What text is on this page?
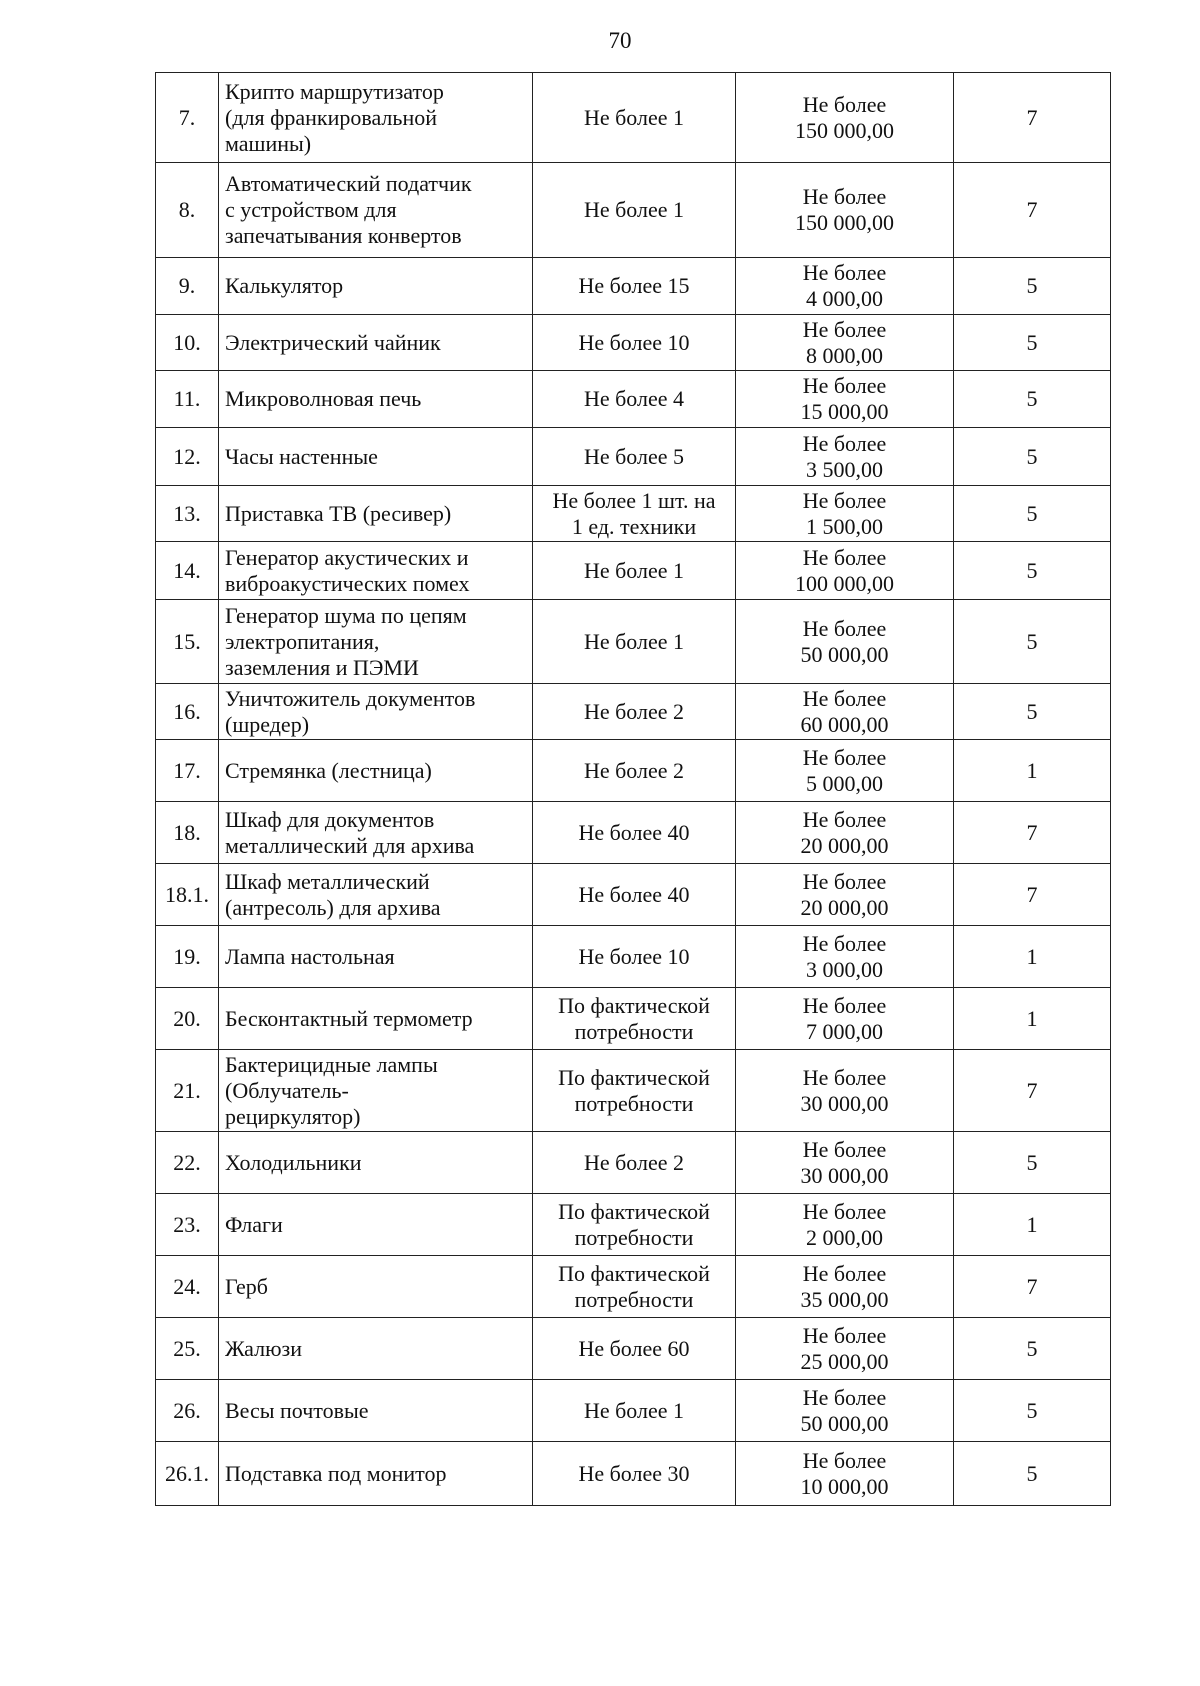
70
7.	Крипто маршрутизатор
(для франкировальной
машины)	Не более 1	Не более
150 000,00	7
8.	Автоматический податчик
с устройством для
запечатывания конвертов	Не более 1	Не более
150 000,00	7
9.	Калькулятор	Не более 15	Не более
4 000,00	5
10.	Электрический чайник	Не более 10	Не более
8 000,00	5
11.	Микроволновая печь	Не более 4	Не более
15 000,00	5
12.	Часы настенные	Не более 5	Не более
3 500,00	5
13.	Приставка ТВ (ресивер)	Не более 1 шт. на
1 ед. техники	Не более
1 500,00	5
14.	Генератор акустических и
виброакустических помех	Не более 1	Не более
100 000,00	5
15.	Генератор шума по цепям
электропитания,
заземления и ПЭМИ	Не более 1	Не более
50 000,00	5
16.	Уничтожитель документов
(шредер)	Не более 2	Не более
60 000,00	5
17.	Стремянка (лестница)	Не более 2	Не более
5 000,00	1
18.	Шкаф для документов
металлический для архива	Не более 40	Не более
20 000,00	7
18.1.	Шкаф металлический
(антресоль) для архива	Не более 40	Не более
20 000,00	7
19.	Лампа настольная	Не более 10	Не более
3 000,00	1
20.	Бесконтактный термометр	По фактической
потребности	Не более
7 000,00	1
21.	Бактерицидные лампы
(Облучатель-
рециркулятор)	По фактической
потребности	Не более
30 000,00	7
22.	Холодильники	Не более 2	Не более
30 000,00	5
23.	Флаги	По фактической
потребности	Не более
2 000,00	1
24.	Герб	По фактической
потребности	Не более
35 000,00	7
25.	Жалюзи	Не более 60	Не более
25 000,00	5
26.	Весы почтовые	Не более 1	Не более
50 000,00	5
26.1.	Подставка под монитор	Не более 30	Не более
10 000,00	5
